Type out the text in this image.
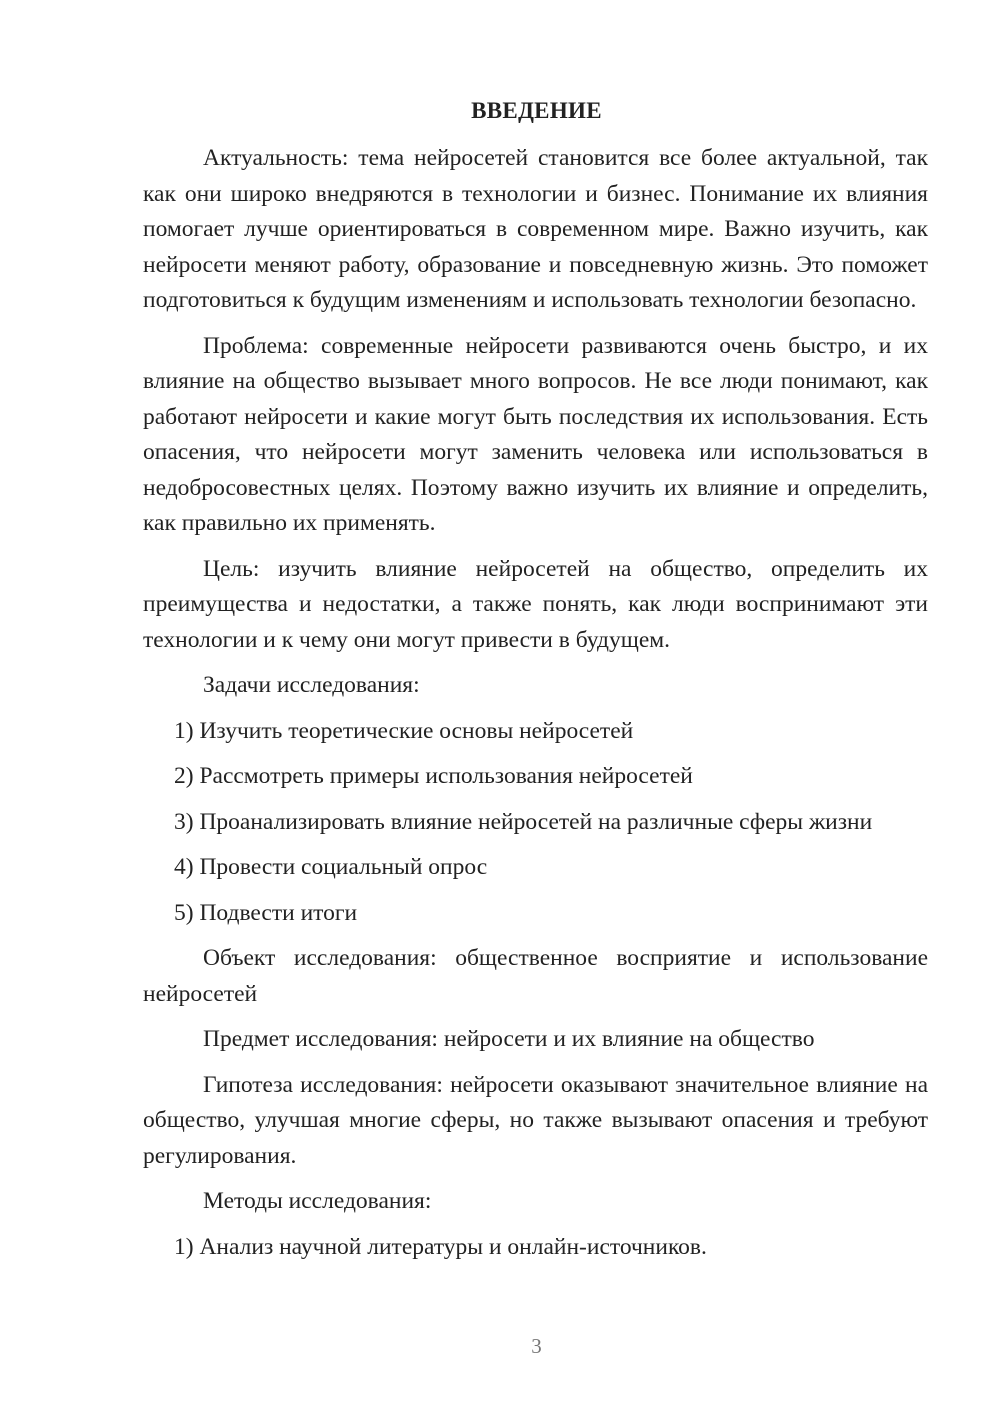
ВВЕДЕНИЕ

Актуальность: тема нейросетей становится все более актуальной, так как они широко внедряются в технологии и бизнес. Понимание их влияния помогает лучше ориентироваться в современном мире. Важно изучить, как нейросети меняют работу, образование и повседневную жизнь. Это поможет подготовиться к будущим изменениям и использовать технологии безопасно.

Проблема: современные нейросети развиваются очень быстро, и их влияние на общество вызывает много вопросов. Не все люди понимают, как работают нейросети и какие могут быть последствия их использования. Есть опасения, что нейросети могут заменить человека или использоваться в недобросовестных целях. Поэтому важно изучить их влияние и определить, как правильно их применять.

Цель: изучить влияние нейросетей на общество, определить их преимущества и недостатки, а также понять, как люди воспринимают эти технологии и к чему они могут привести в будущем.

Задачи исследования:

1) Изучить теоретические основы нейросетей

2) Рассмотреть примеры использования нейросетей

3) Проанализировать влияние нейросетей на различные сферы жизни

4) Провести социальный опрос

5) Подвести итоги

Объект исследования: общественное восприятие и использование нейросетей

Предмет исследования: нейросети и их влияние на общество

Гипотеза исследования: нейросети оказывают значительное влияние на общество, улучшая многие сферы, но также вызывают опасения и требуют регулирования.

Методы исследования:

1) Анализ научной литературы и онлайн-источников.

3
